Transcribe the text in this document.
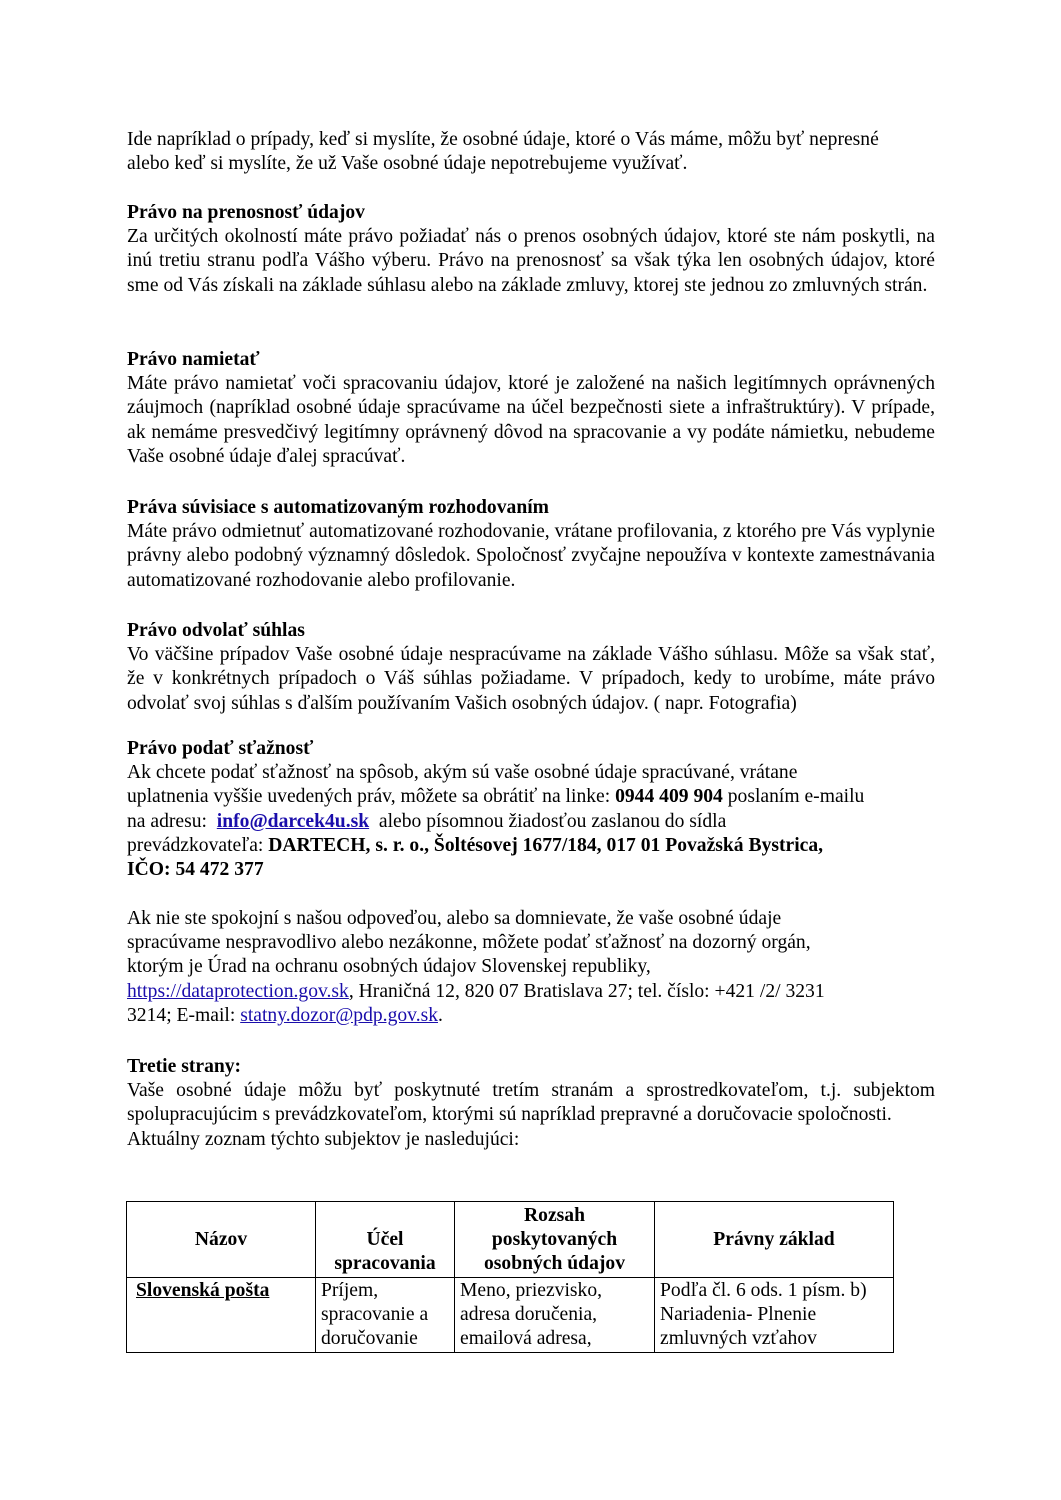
Ide napríklad o prípady, keď si myslíte, že osobné údaje, ktoré o Vás máme, môžu byť nepresné

alebo keď si myslíte, že už Vaše osobné údaje nepotrebujeme využívať.

Právo na prenosnosť údajov

Za určitých okolností máte právo požiadať nás o prenos osobných údajov, ktoré ste nám poskytli, na inú tretiu stranu podľa Vášho výberu. Právo na prenosnosť sa však týka len osobných údajov, ktoré sme od Vás získali na základe súhlasu alebo na základe zmluvy, ktorej ste jednou zo zmluvných strán.

Právo namietať

Máte právo namietať voči spracovaniu údajov, ktoré je založené na našich legitímnych oprávnených záujmoch (napríklad osobné údaje spracúvame na účel bezpečnosti siete a infraštruktúry). V prípade, ak nemáme presvedčivý legitímny oprávnený dôvod na spracovanie a vy podáte námietku, nebudeme Vaše osobné údaje ďalej spracúvať.

Práva súvisiace s automatizovaným rozhodovaním

Máte právo odmietnuť automatizované rozhodovanie, vrátane profilovania, z ktorého pre Vás vyplynie právny alebo podobný významný dôsledok. Spoločnosť zvyčajne nepoužíva v kontexte zamestnávania automatizované rozhodovanie alebo profilovanie.

Právo odvolať súhlas

Vo väčšine prípadov Vaše osobné údaje nespracúvame na základe Vášho súhlasu. Môže sa však stať, že v konkrétnych prípadoch o Váš súhlas požiadame. V prípadoch, kedy to urobíme, máte právo odvolať svoj súhlas s ďalším používaním Vašich osobných údajov. ( napr. Fotografia)

Právo podať sťažnosť

Ak chcete podať sťažnosť na spôsob, akým sú vaše osobné údaje spracúvané, vrátane

uplatnenia vyššie uvedených práv, môžete sa obrátiť na linke: 0944 409 904 poslaním e-mailu

na adresu:  info@darcek4u.sk  alebo písomnou žiadosťou zaslanou do sídla

prevádzkovateľa: DARTECH, s. r. o., Šoltésovej 1677/184, 017 01 Považská Bystrica,

IČO: 54 472 377

Ak nie ste spokojní s našou odpoveďou, alebo sa domnievate, že vaše osobné údaje

spracúvame nespravodlivo alebo nezákonne, môžete podať sťažnosť na dozorný orgán,

ktorým je Úrad na ochranu osobných údajov Slovenskej republiky,

https://dataprotection.gov.sk, Hraničná 12, 820 07 Bratislava 27; tel. číslo: +421 /2/ 3231

3214; E-mail: statny.dozor@pdp.gov.sk.

Tretie strany:

Vaše osobné údaje môžu byť poskytnuté tretím stranám a sprostredkovateľom, t.j. subjektom spolupracujúcim s prevádzkovateľom, ktorými sú napríklad prepravné a doručovacie spoločnosti.

Aktuálny zoznam týchto subjektov je nasledujúci:

Názov	Účel spracovania	Rozsah poskytovaných osobných údajov	Právny základ
Slovenská pošta	Príjem, spracovanie a doručovanie	Meno, priezvisko, adresa doručenia, emailová adresa,	Podľa čl. 6 ods. 1 písm. b) Nariadenia- Plnenie zmluvných vzťahov
